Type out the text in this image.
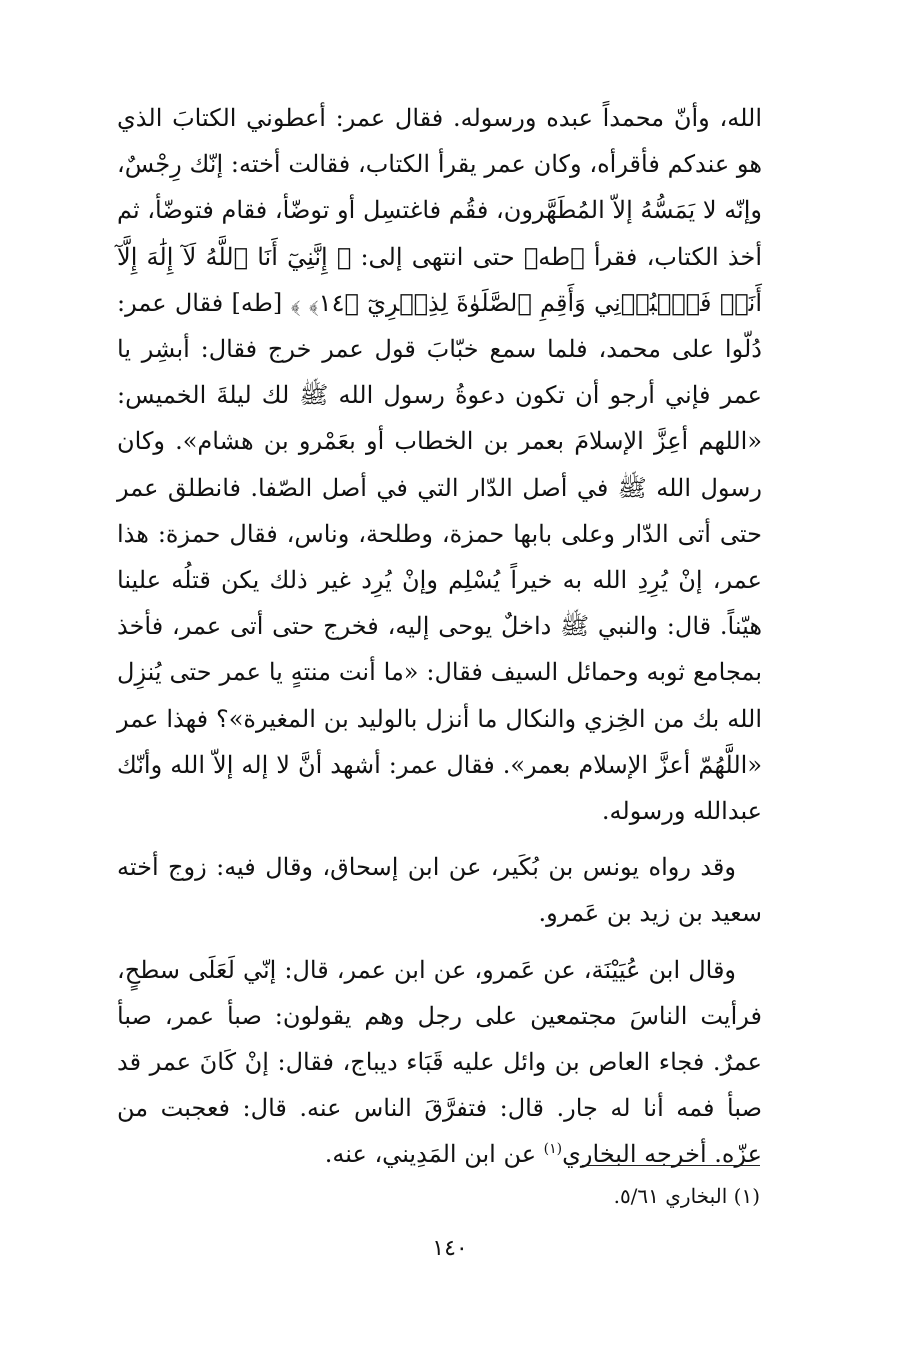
الله، وأنّ محمداً عبده ورسوله. فقال عمر: أعطوني الكتابَ الذي هو عندكم فأقرأه، وكان عمر يقرأ الكتاب، فقالت أخته: إنّك رِجْسٌ، وإنّه لا يَمَسُّهُ إلاّ المُطَهَّرون، فقُم فاغتسِل أو توضّأ، فقام فتوضّأ، ثم أخذ الكتاب، فقرأ ﴿طه﴾ حتى انتهى إلى: ﴿ إِنَّنِيٓ أَنَا ٱللَّهُ لَآ إِلَٰهَ إِلَّآ أَنَا۠ فَٱعۡبُدۡنِي وَأَقِمِ ٱلصَّلَوٰةَ لِذِكۡرِيٓ ﴿١٤﴾ ﴾ [طه] فقال عمر: دُلّوا على محمد، فلما سمع خبّابَ قول عمر خرج فقال: أبشِر يا عمر فإني أرجو أن تكون دعوةُ رسول الله ﷺ لك ليلةَ الخميس: «اللهم أعِزَّ الإسلامَ بعمر بن الخطاب أو بعَمْرو بن هشام». وكان رسول الله ﷺ في أصل الدّار التي في أصل الصّفا. فانطلق عمر حتى أتى الدّار وعلى بابها حمزة، وطلحة، وناس، فقال حمزة: هذا عمر، إنْ يُرِدِ الله به خيراً يُسْلِم وإنْ يُرِد غير ذلك يكن قتلُه علينا هيّناً. قال: والنبي ﷺ داخلٌ يوحى إليه، فخرج حتى أتى عمر، فأخذ بمجامع ثوبه وحمائل السيف فقال: «ما أنت منتهٍ يا عمر حتى يُنزِل الله بك من الخِزي والنكال ما أنزل بالوليد بن المغيرة»؟ فهذا عمر «اللَّهُمّ أعزَّ الإسلام بعمر». فقال عمر: أشهد أنَّ لا إله إلاّ الله وأنّك عبدالله ورسوله.

وقد رواه يونس بن بُكَير، عن ابن إسحاق، وقال فيه: زوج أخته سعيد بن زيد بن عَمرو.

وقال ابن عُيَيْنَة، عن عَمرو، عن ابن عمر، قال: إنّي لَعَلَى سطحٍ، فرأيت الناسَ مجتمعين على رجل وهم يقولون: صبأ عمر، صبأ عمرٌ. فجاء العاص بن وائل عليه قَبَاء ديباج، فقال: إنْ كَانَ عمر قد صبأ فمه أنا له جار. قال: فتفرَّقَ الناس عنه. قال: فعجبت من عزّه. أخرجه البخاري$^{(١)}$ عن ابن المَدِيني، عنه.

(١) البخاري ٥/٦١.
١٤٠
